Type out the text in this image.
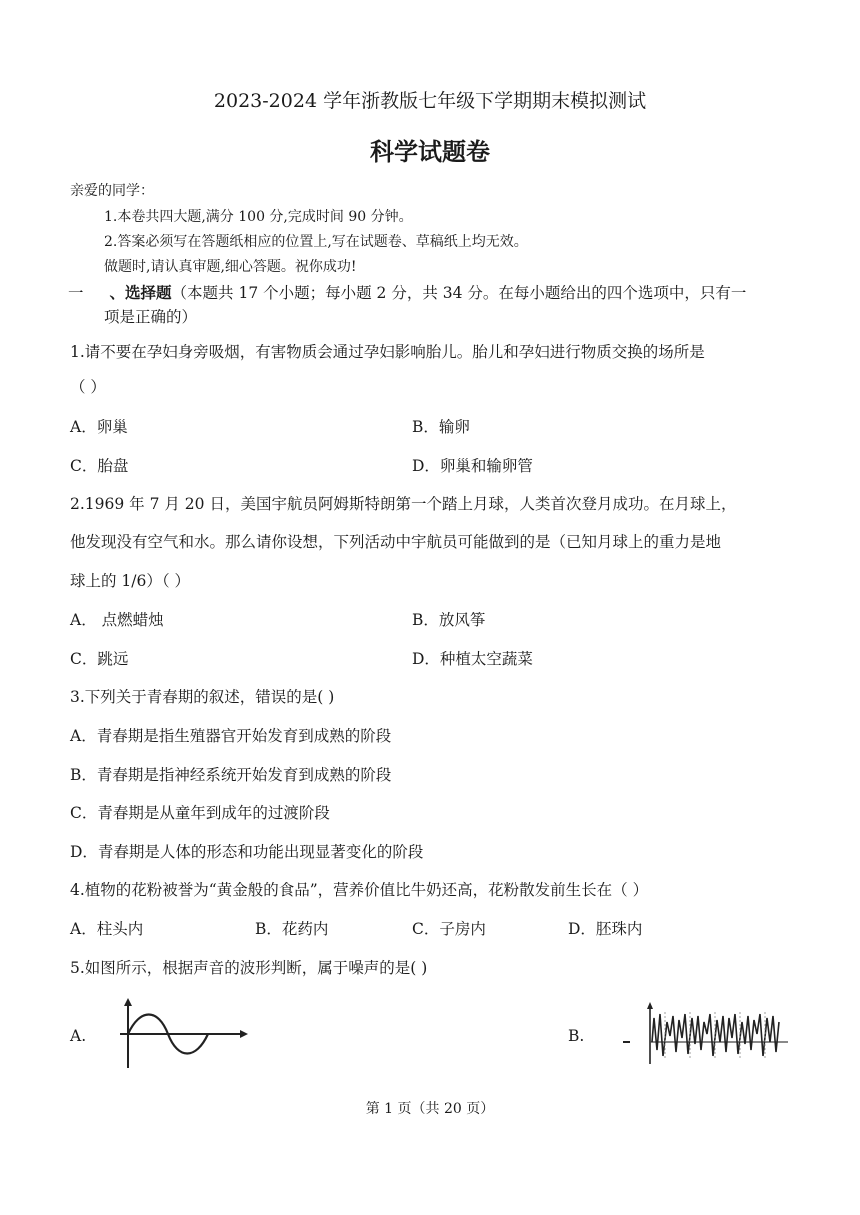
2023-2024 学年浙教版七年级下学期期末模拟测试
科学试题卷
亲爱的同学：
1.本卷共四大题,满分 100 分,完成时间 90 分钟。
2.答案必须写在答题纸相应的位置上,写在试题卷、草稿纸上均无效。
做题时,请认真审题,细心答题。祝你成功!
一 、选择题（本题共 17 个小题；每小题 2 分，共 34 分。在每小题给出的四个选项中，只有一
项是正确的）
1.请不要在孕妇身旁吸烟，有害物质会通过孕妇影响胎儿。胎儿和孕妇进行物质交换的场所是
（ ）
A．卵巢	B．输卵
C．胎盘	D．卵巢和输卵管
2.1969 年 7 月 20 日，美国宇航员阿姆斯特朗第一个踏上月球，人类首次登月成功。在月球上，
他发现没有空气和水。那么请你设想，下列活动中宇航员可能做到的是（已知月球上的重力是地
球上的 1/6）（ ）
A． 点燃蜡烛	B．放风筝
C．跳远	D．种植太空蔬菜
3.下列关于青春期的叙述，错误的是( )
A．青春期是指生殖器官开始发育到成熟的阶段
B．青春期是指神经系统开始发育到成熟的阶段
C．青春期是从童年到成年的过渡阶段
D．青春期是人体的形态和功能出现显著变化的阶段
4.植物的花粉被誉为“黄金般的食品”，营养价值比牛奶还高，花粉散发前生长在（ ）
A．柱头内	B．花药内	C．子房内	D．胚珠内
5.如图所示，根据声音的波形判断，属于噪声的是( )
A.	B.
第 1 页（共 20 页）
